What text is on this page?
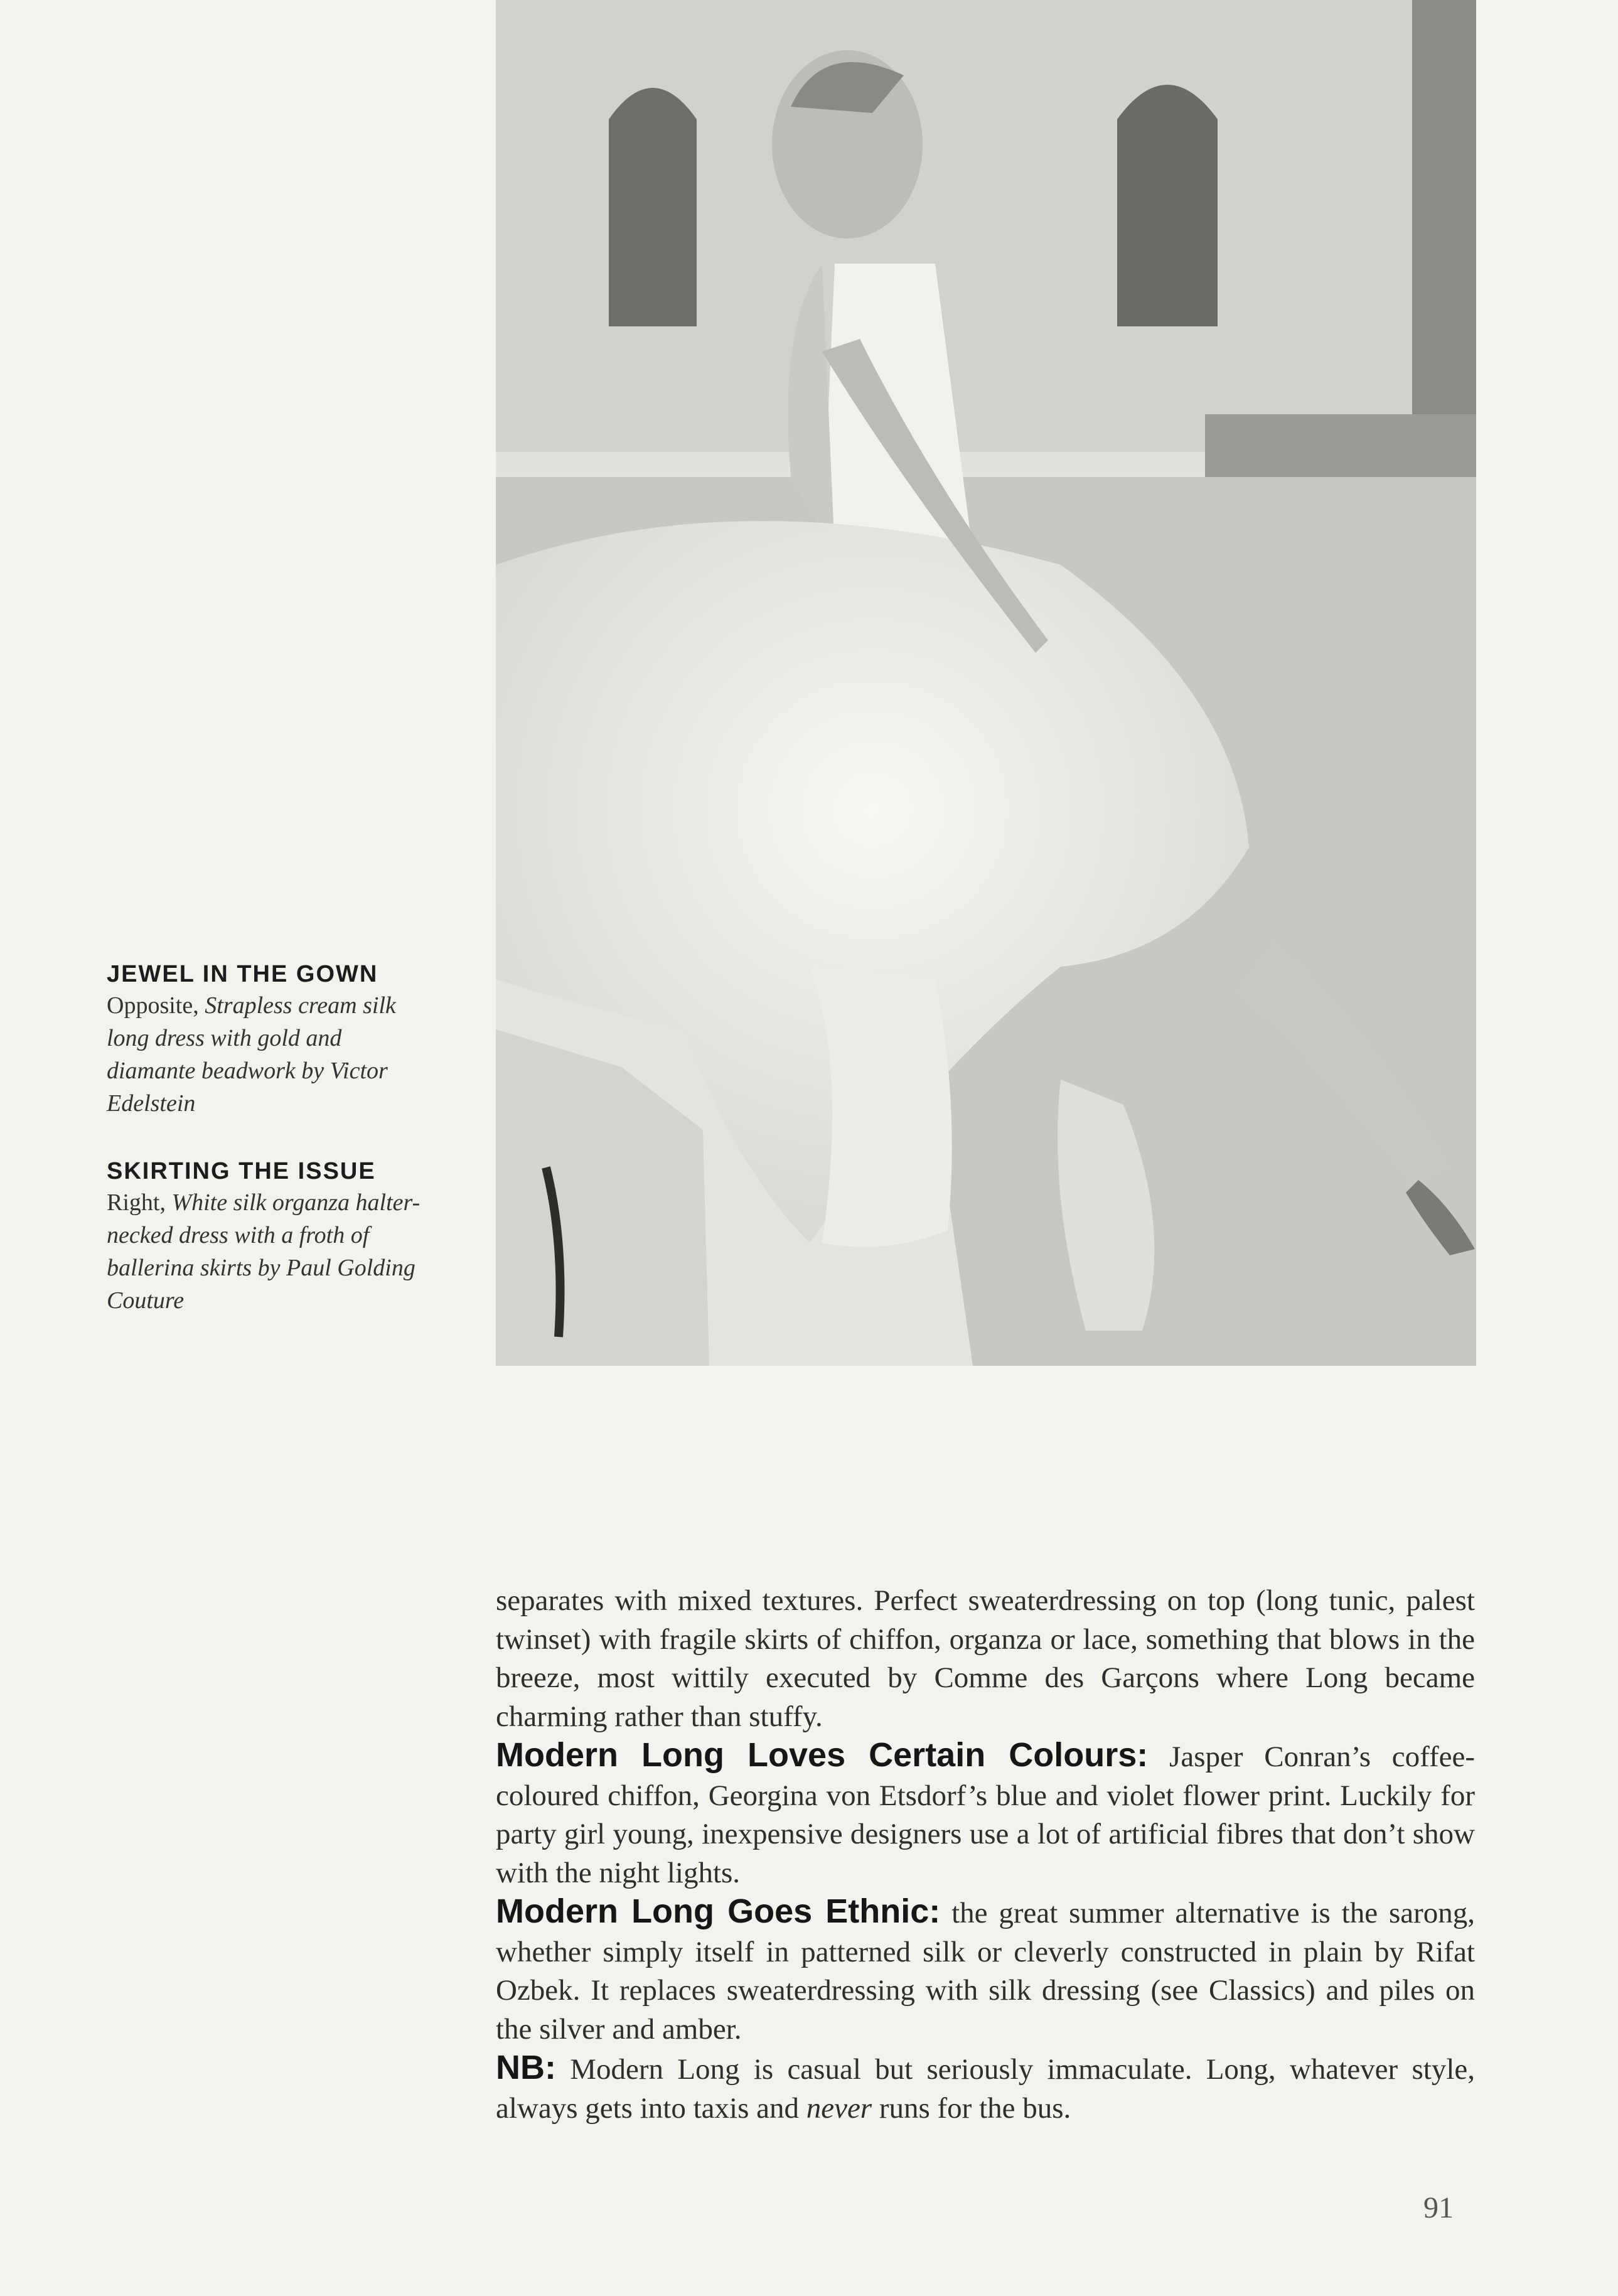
JEWEL IN THE GOWN
Opposite, Strapless cream silk long dress with gold and diamante beadwork by Victor Edelstein
SKIRTING THE ISSUE
Right, White silk organza halter-necked dress with a froth of ballerina skirts by Paul Golding Couture

separates with mixed textures. Perfect sweaterdressing on top (long tunic, palest twinset) with fragile skirts of chiffon, organza or lace, something that blows in the breeze, most wittily executed by Comme des Garçons where Long became charming rather than stuffy.

Modern Long Loves Certain Colours: Jasper Conran’s coffee-coloured chiffon, Georgina von Etsdorf’s blue and violet flower print. Luckily for party girl young, inexpensive designers use a lot of artificial fibres that don’t show with the night lights.

Modern Long Goes Ethnic: the great summer alternative is the sarong, whether simply itself in patterned silk or cleverly constructed in plain by Rifat Ozbek. It replaces sweaterdressing with silk dressing (see Classics) and piles on the silver and amber.

NB: Modern Long is casual but seriously immaculate. Long, whatever style, always gets into taxis and never runs for the bus.

91
